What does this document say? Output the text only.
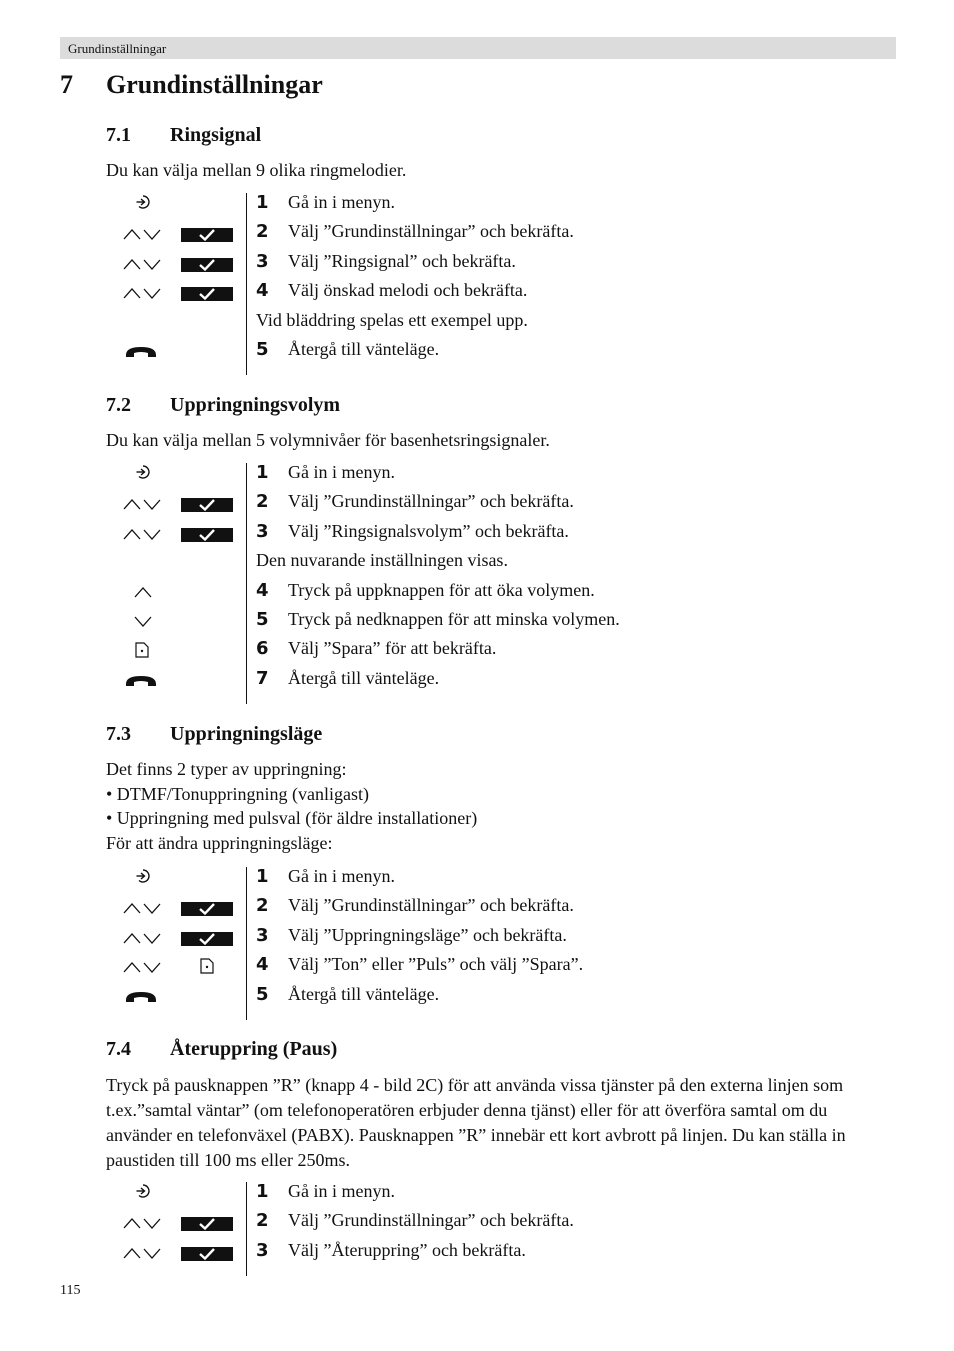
Grundinställningar
7 Grundinställningar
7.1 Ringsignal
Du kan välja mellan 9 olika ringmelodier.
1 Gå in i menyn.
2 Välj ”Grundinställningar” och bekräfta.
3 Välj ”Ringsignal” och bekräfta.
4 Välj önskad melodi och bekräfta.
Vid bläddring spelas ett exempel upp.
5 Återgå till vänteläge.
7.2 Uppringningsvolym
Du kan välja mellan 5 volymnivåer för basenhetsringsignaler.
1 Gå in i menyn.
2 Välj ”Grundinställningar” och bekräfta.
3 Välj ”Ringsignalsvolym” och bekräfta.
Den nuvarande inställningen visas.
4 Tryck på uppknappen för att öka volymen.
5 Tryck på nedknappen för att minska volymen.
6 Välj ”Spara” för att bekräfta.
7 Återgå till vänteläge.
7.3 Uppringningsläge
Det finns 2 typer av uppringning:
• DTMF/Tonuppringning (vanligast)
• Uppringning med pulsval (för äldre installationer)
För att ändra uppringningsläge:
1 Gå in i menyn.
2 Välj ”Grundinställningar” och bekräfta.
3 Välj ”Uppringningsläge” och bekräfta.
4 Välj ”Ton” eller ”Puls” och välj ”Spara”.
5 Återgå till vänteläge.
7.4 Återuppring (Paus)
Tryck på pausknappen ”R” (knapp 4 - bild 2C) för att använda vissa tjänster på den externa linjen som t.ex.”samtal väntar” (om telefonoperatören erbjuder denna tjänst) eller för att överföra samtal om du använder en telefonväxel (PABX). Pausknappen ”R” innebär ett kort avbrott på linjen. Du kan ställa in paustiden till 100 ms eller 250ms.
1 Gå in i menyn.
2 Välj ”Grundinställningar” och bekräfta.
3 Välj ”Återuppring” och bekräfta.
115
